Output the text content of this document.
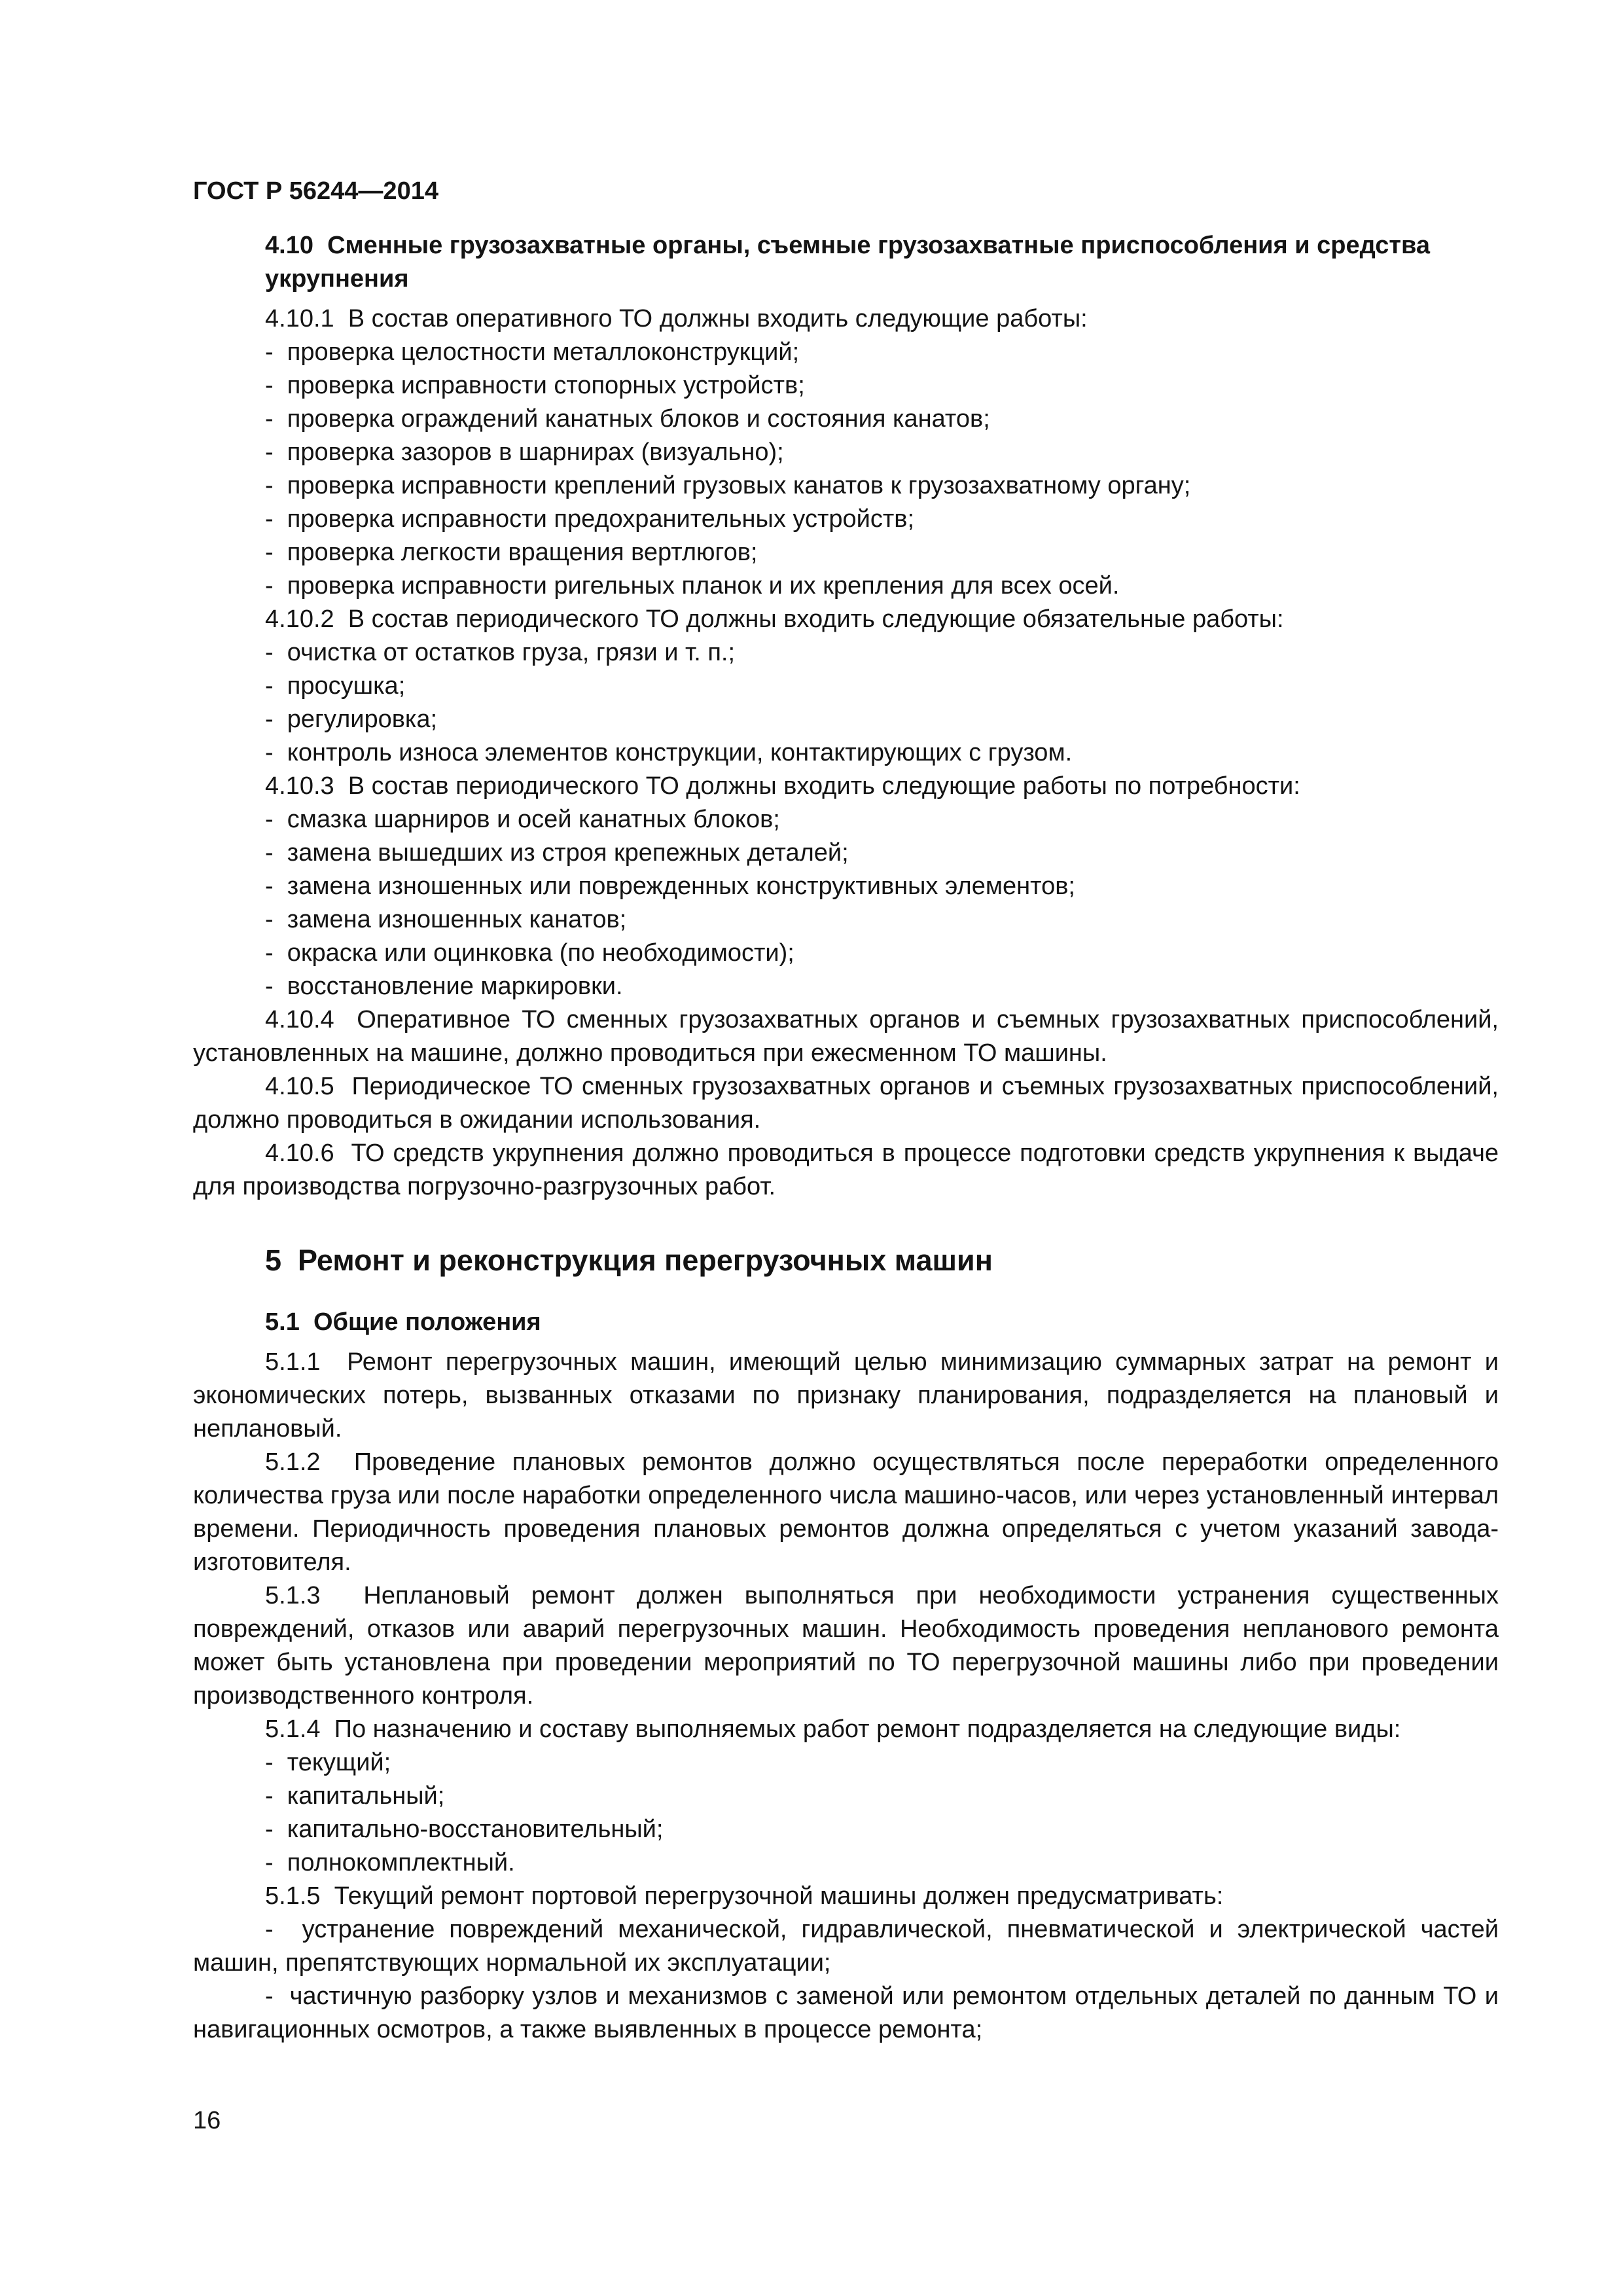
ГОСТ Р 56244—2014
4.10  Сменные грузозахватные органы, съемные грузозахватные приспособления и средства укрупнения
4.10.1  В состав оперативного ТО должны входить следующие работы:
-  проверка целостности металлоконструкций;
-  проверка исправности стопорных устройств;
-  проверка ограждений канатных блоков и состояния канатов;
-  проверка зазоров в шарнирах (визуально);
-  проверка исправности креплений грузовых канатов к грузозахватному органу;
-  проверка исправности предохранительных устройств;
-  проверка легкости вращения вертлюгов;
-  проверка исправности ригельных планок и их крепления для всех осей.
4.10.2  В состав периодического ТО должны входить следующие обязательные работы:
-  очистка от остатков груза, грязи и т. п.;
-  просушка;
-  регулировка;
-  контроль износа элементов конструкции, контактирующих с грузом.
4.10.3  В состав периодического ТО должны входить следующие работы по потребности:
-  смазка шарниров и осей канатных блоков;
-  замена вышедших из строя крепежных деталей;
-  замена изношенных или поврежденных конструктивных элементов;
-  замена изношенных канатов;
-  окраска или оцинковка (по необходимости);
-  восстановление маркировки.
4.10.4  Оперативное ТО сменных грузозахватных органов и съемных грузозахватных приспособлений, установленных на машине, должно проводиться при ежесменном ТО машины.
4.10.5  Периодическое ТО сменных грузозахватных органов и съемных грузозахватных приспособлений, должно проводиться в ожидании использования.
4.10.6  ТО средств укрупнения должно проводиться в процессе подготовки средств укрупнения к выдаче для производства погрузочно-разгрузочных работ.
5  Ремонт и реконструкция перегрузочных машин
5.1  Общие положения
5.1.1  Ремонт перегрузочных машин, имеющий целью минимизацию суммарных затрат на ремонт и экономических потерь, вызванных отказами по признаку планирования, подразделяется на плановый и неплановый.
5.1.2  Проведение плановых ремонтов должно осуществляться после переработки определенного количества груза или после наработки определенного числа машино-часов, или через установленный интервал времени. Периодичность проведения плановых ремонтов должна определяться с учетом указаний завода-изготовителя.
5.1.3  Неплановый ремонт должен выполняться при необходимости устранения существенных повреждений, отказов или аварий перегрузочных машин. Необходимость проведения непланового ремонта может быть установлена при проведении мероприятий по ТО перегрузочной машины либо при проведении производственного контроля.
5.1.4  По назначению и составу выполняемых работ ремонт подразделяется на следующие виды:
-  текущий;
-  капитальный;
-  капитально-восстановительный;
-  полнокомплектный.
5.1.5  Текущий ремонт портовой перегрузочной машины должен предусматривать:
-  устранение повреждений механической, гидравлической, пневматической и электрической частей машин, препятствующих нормальной их эксплуатации;
-  частичную разборку узлов и механизмов с заменой или ремонтом отдельных деталей по данным ТО и навигационных осмотров, а также выявленных в процессе ремонта;
16
